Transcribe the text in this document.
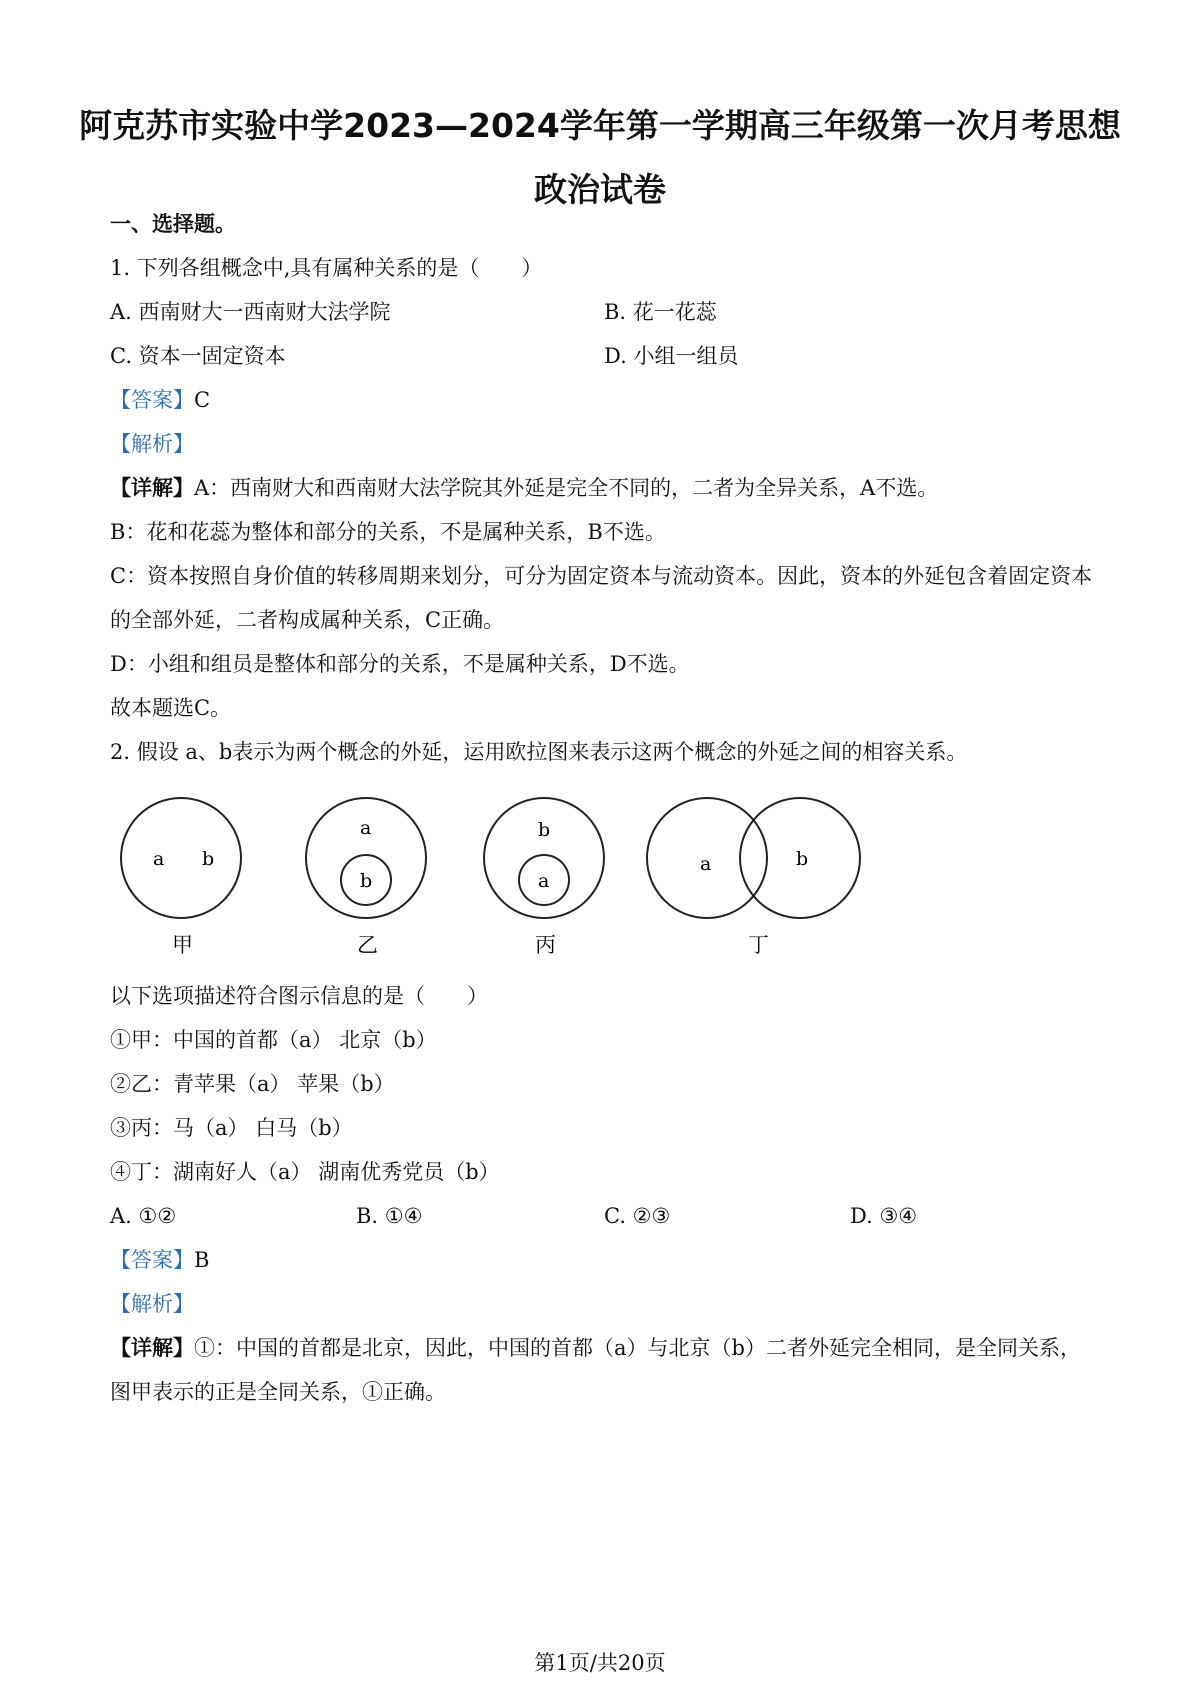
阿克苏市实验中学2023—2024学年第一学期高三年级第一次月考思想
政治试卷
一、选择题。
1. 下列各组概念中,具有属种关系的是（　　）
A. 西南财大一西南财大法学院	B. 花一花蕊
C. 资本一固定资本	D. 小组一组员
【答案】C
【解析】
【详解】A：西南财大和西南财大法学院其外延是完全不同的，二者为全异关系，A不选。
B：花和花蕊为整体和部分的关系，不是属种关系，B不选。
C：资本按照自身价值的转移周期来划分，可分为固定资本与流动资本。因此，资本的外延包含着固定资本
的全部外延，二者构成属种关系，C正确。
D：小组和组员是整体和部分的关系，不是属种关系，D不选。
故本题选C。
2. 假设 a、b表示为两个概念的外延，运用欧拉图来表示这两个概念的外延之间的相容关系。
a b
甲
a
b
乙
b
a
丙
a	b
丁
以下选项描述符合图示信息的是（　　）
①甲：中国的首都（a） 北京（b）
②乙：青苹果（a） 苹果（b）
③丙：马（a） 白马（b）
④丁：湖南好人（a） 湖南优秀党员（b）
A. ①②	B. ①④	C. ②③	D. ③④
【答案】B
【解析】
【详解】①：中国的首都是北京，因此，中国的首都（a）与北京（b）二者外延完全相同，是全同关系，
图甲表示的正是全同关系，①正确。
第1页/共20页
